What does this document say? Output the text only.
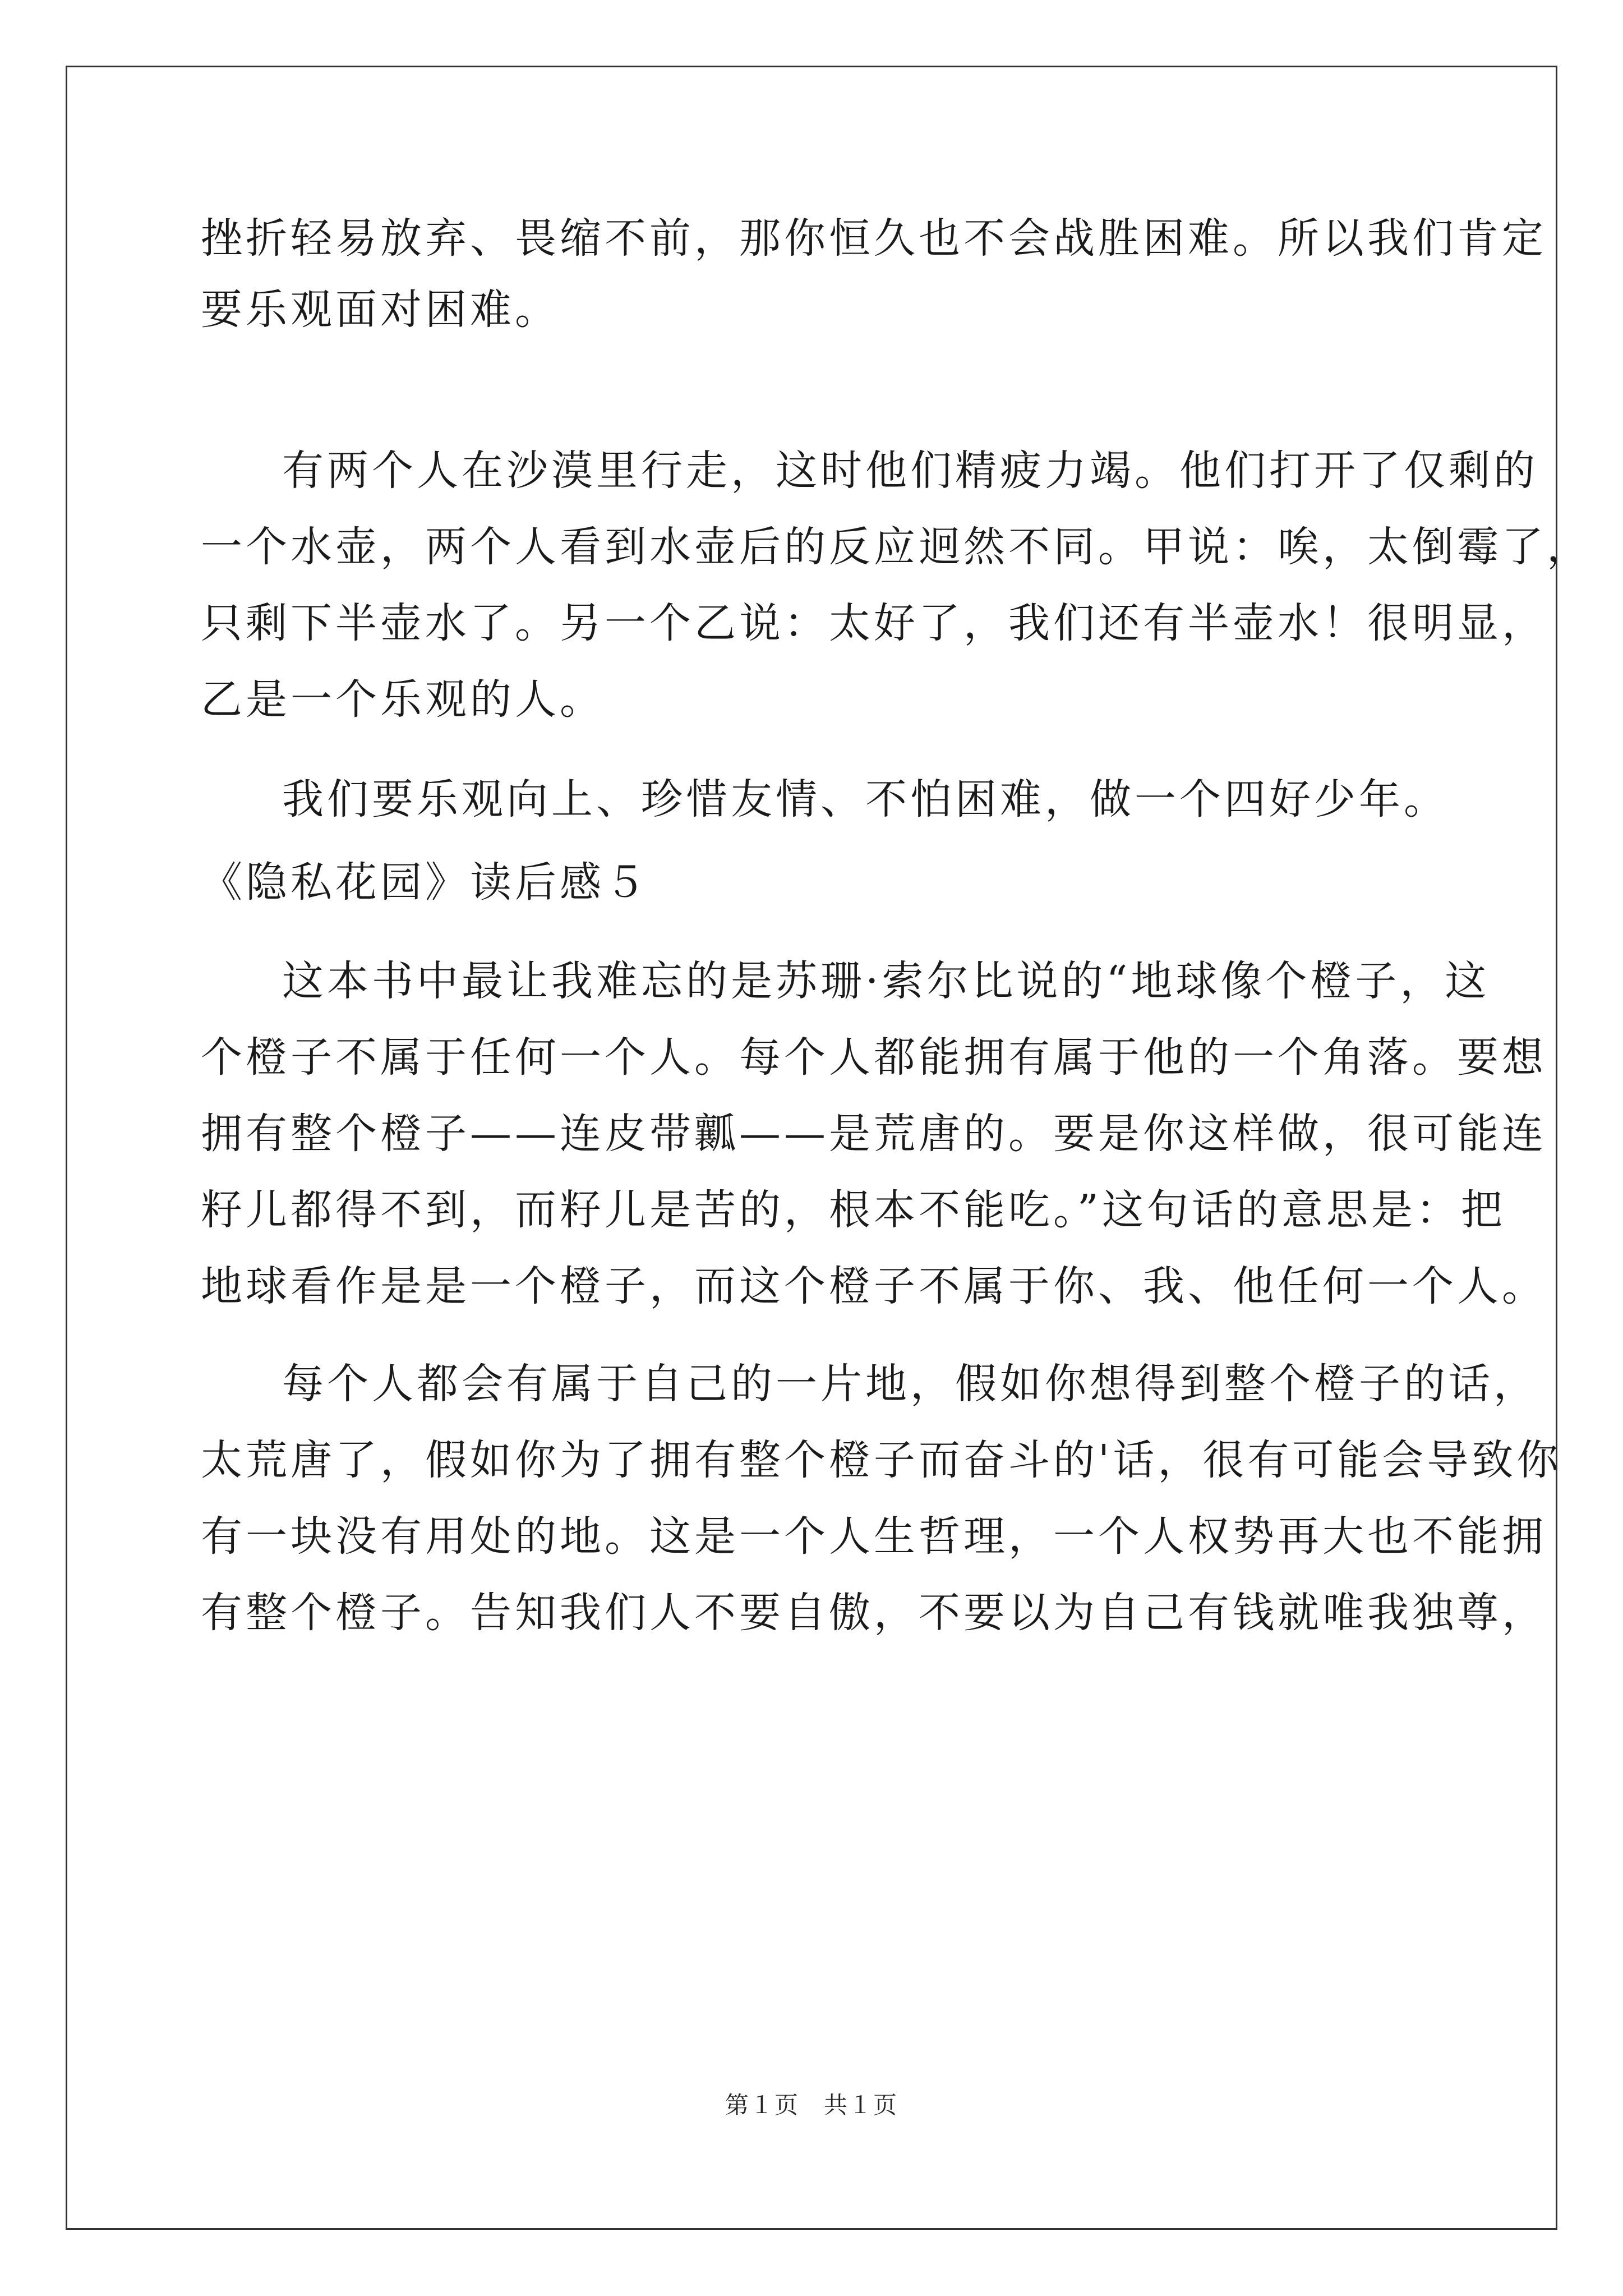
挫折轻易放弃、畏缩不前，那你恒久也不会战胜困难。所以我们肯定
要乐观面对困难。
有两个人在沙漠里行走，这时他们精疲力竭。他们打开了仅剩的
一个水壶，两个人看到水壶后的反应迥然不同。甲说：唉，太倒霉了，
只剩下半壶水了。另一个乙说：太好了，我们还有半壶水！很明显，
乙是一个乐观的人。
我们要乐观向上、珍惜友情、不怕困难，做一个四好少年。
《隐私花园》读后感５
这本书中最让我难忘的是苏珊·索尔比说的“地球像个橙子，这
个橙子不属于任何一个人。每个人都能拥有属于他的一个角落。要想
拥有整个橙子——连皮带瓤——是荒唐的。要是你这样做，很可能连
籽儿都得不到，而籽儿是苦的，根本不能吃。”这句话的意思是：把
地球看作是是一个橙子，而这个橙子不属于你、我、他任何一个人。
每个人都会有属于自己的一片地，假如你想得到整个橙子的话，
太荒唐了，假如你为了拥有整个橙子而奋斗的'话，很有可能会导致你
有一块没有用处的地。这是一个人生哲理，一个人权势再大也不能拥
有整个橙子。告知我们人不要自傲，不要以为自己有钱就唯我独尊，
第１页　共１页
